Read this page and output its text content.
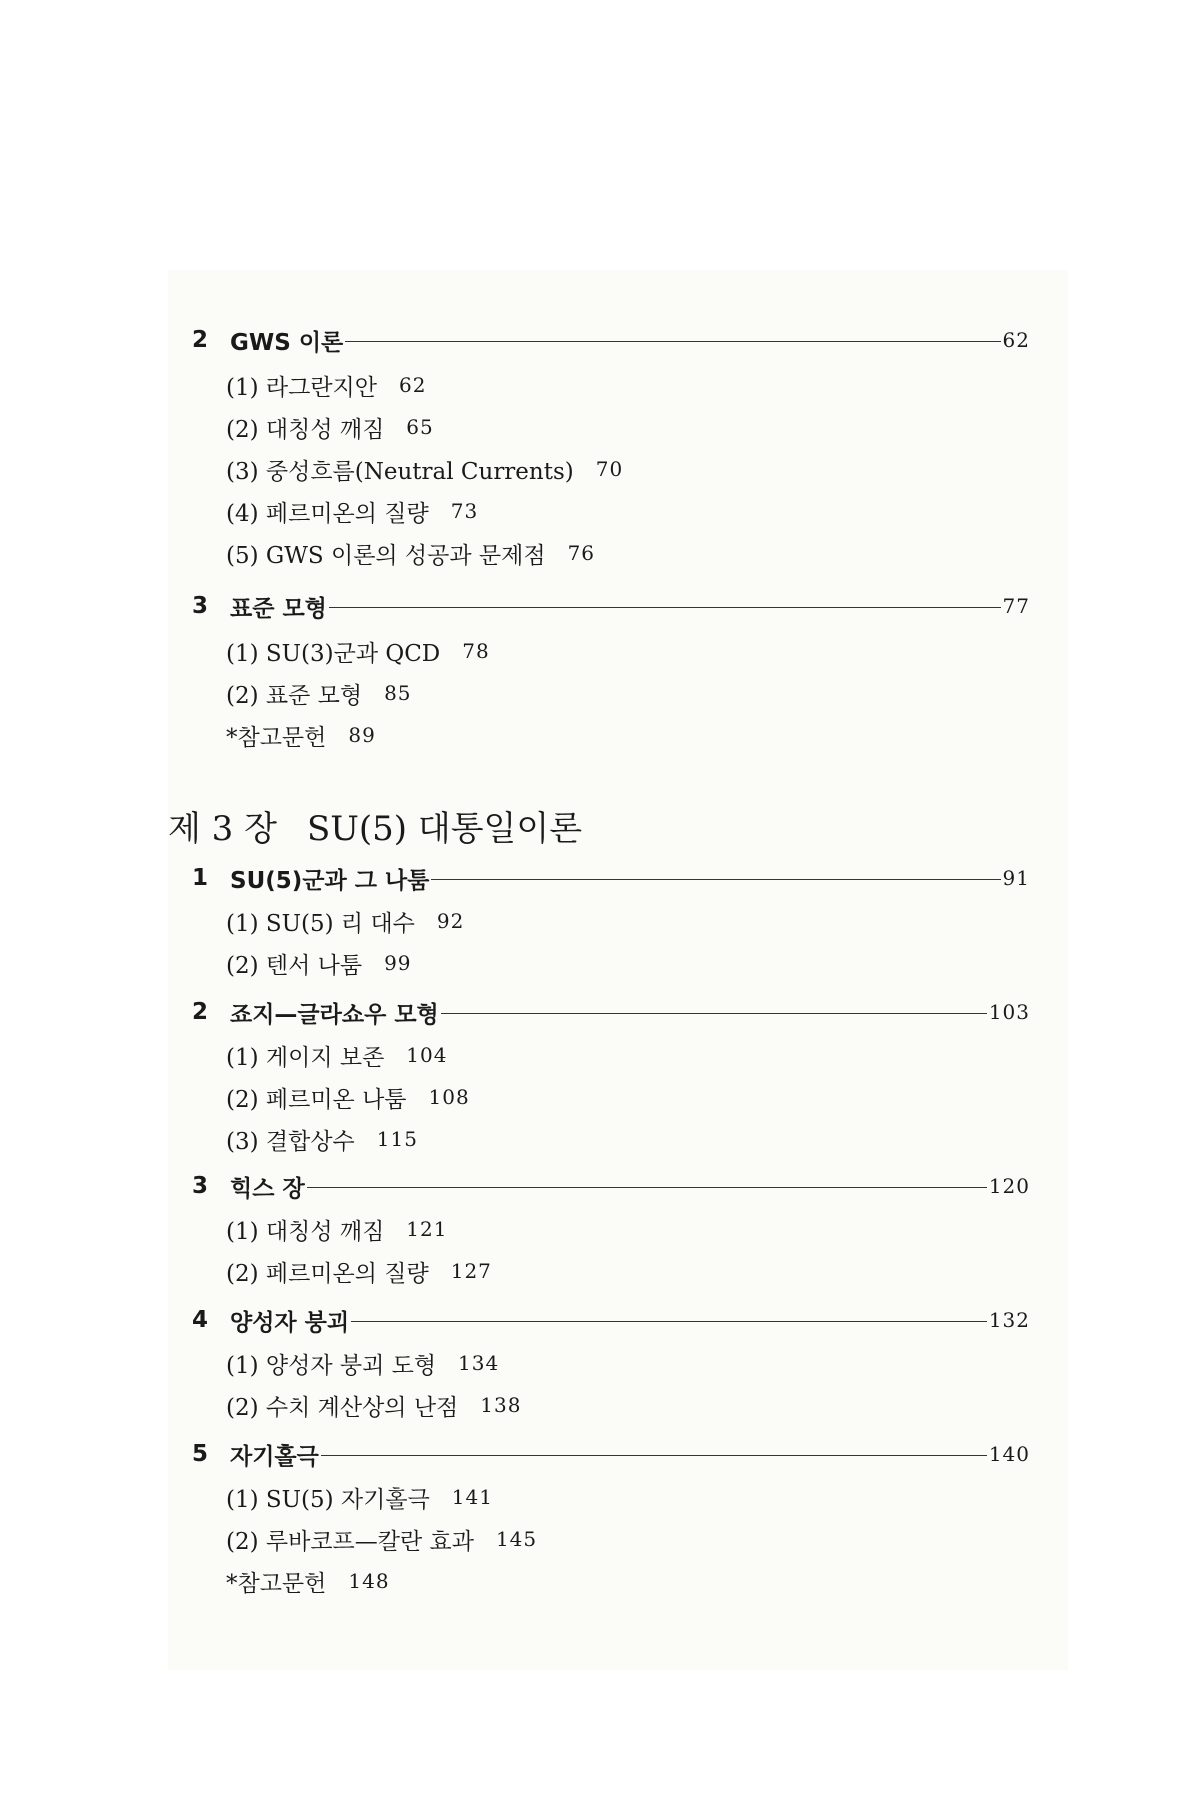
2 GWS 이론	62
(1) 라그란지안 62
(2) 대칭성 깨짐 65
(3) 중성흐름(Neutral Currents) 70
(4) 페르미온의 질량 73
(5) GWS 이론의 성공과 문제점 76
3 표준 모형	77
(1) SU(3)군과 QCD 78
(2) 표준 모형 85
*참고문헌 89
제 3 장 SU(5) 대통일이론
1 SU(5)군과 그 나툼	91
(1) SU(5) 리 대수 92
(2) 텐서 나툼 99
2 죠지—글라쇼우 모형	103
(1) 게이지 보존 104
(2) 페르미온 나툼 108
(3) 결합상수 115
3 힉스 장	120
(1) 대칭성 깨짐 121
(2) 페르미온의 질량 127
4 양성자 붕괴	132
(1) 양성자 붕괴 도형 134
(2) 수치 계산상의 난점 138
5 자기홀극	140
(1) SU(5) 자기홀극 141
(2) 루바코프—칼란 효과 145
*참고문헌 148
